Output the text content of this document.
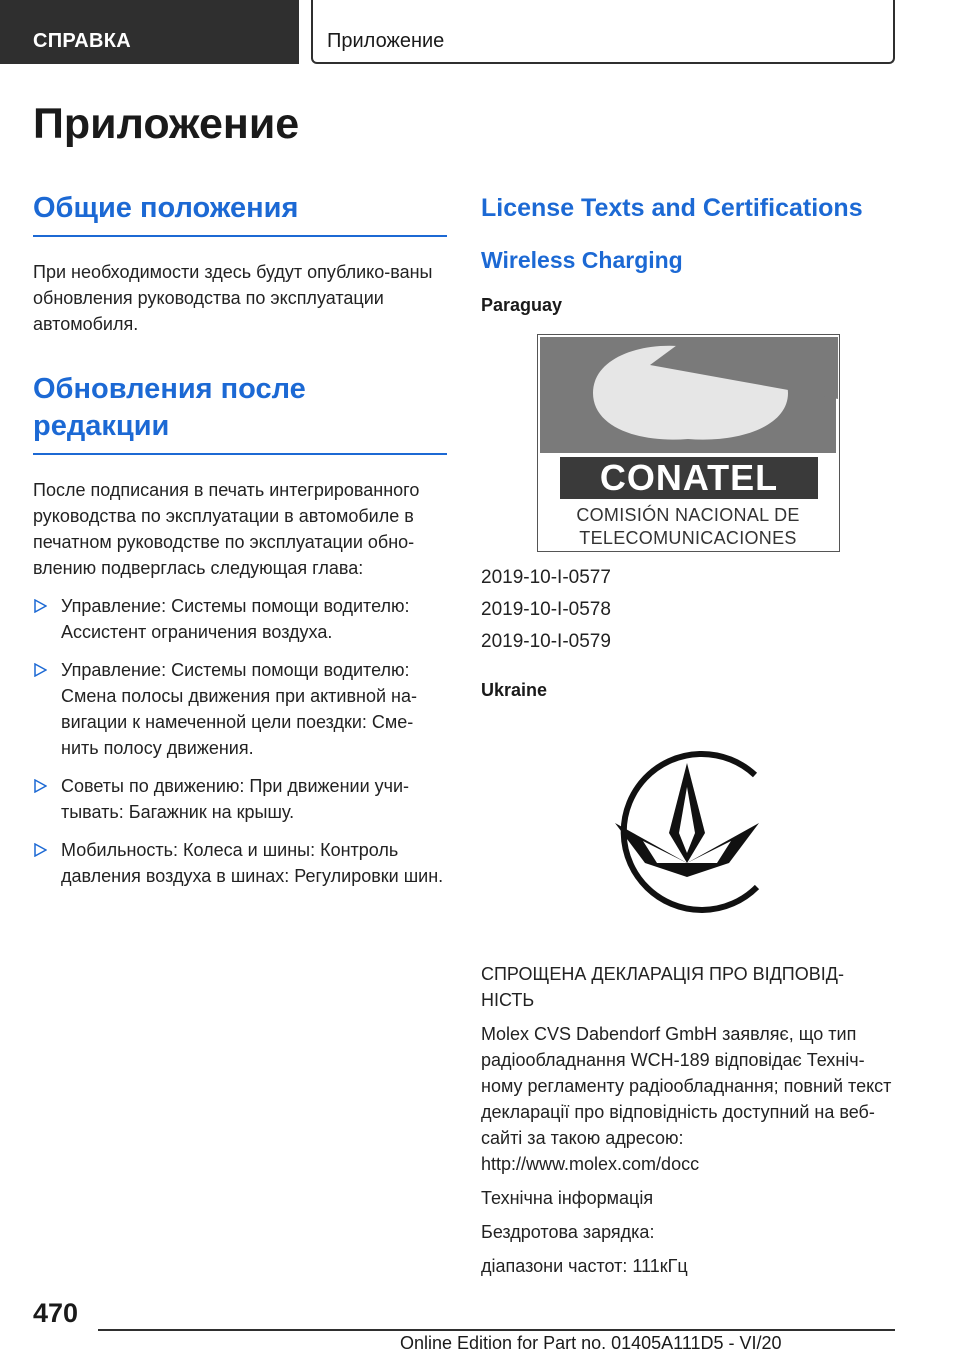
СПРАВКА	Приложение
Приложение
Общие положения

При необходимости здесь будут опублико-ваны обновления руководства по эксплуатации автомобиля.

Обновления после редакции

После подписания в печать интегрированного руководства по эксплуатации в автомобиле в печатном руководстве по эксплуатации обно-влению подверглась следующая глава:

Управление: Системы помощи водителю: Ассистент ограничения воздуха.
Управление: Системы помощи водителю: Смена полосы движения при активной на-вигации к намеченной цели поездки: Сме-нить полосу движения.
Советы по движению: При движении учи-тывать: Багажник на крышу.
Мобильность: Колеса и шины: Контроль давления воздуха в шинах: Регулировки шин.
License Texts and Certifications
Wireless Charging
Paraguay
CONATEL
COMISIÓN NACIONAL DE
TELECOMUNICACIONES
2019-10-I-0577
2019-10-I-0578
2019-10-I-0579
Ukraine

СПРОЩЕНА ДЕКЛАРАЦІЯ ПРО ВІДПОВІД-НІСТЬ

Molex CVS Dabendorf GmbH заявляє, що тип радіообладнання WCH-189 відповідає Техніч-ному регламенту радіообладнання; повний текст декларації про відповідність доступний на веб-сайті за такою адресою: http://www.molex.com/docc

Технічна інформація

Бездротова зарядка:

діапазони частот: 111кГц

470
Online Edition for Part no. 01405A111D5 - VI/20
